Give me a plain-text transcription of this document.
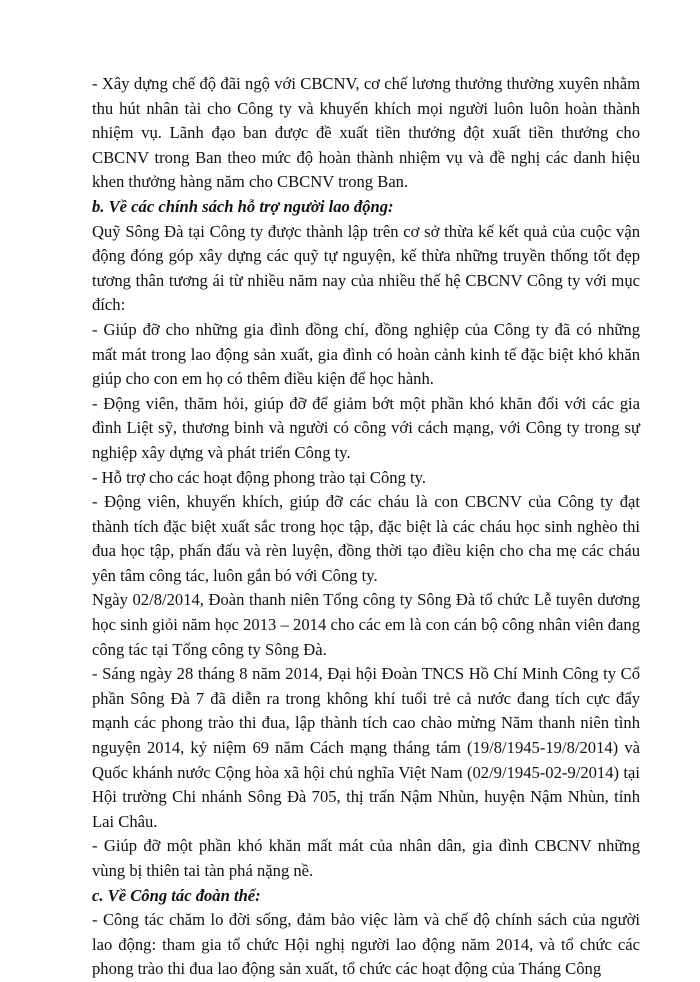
- Xây dựng chế độ đãi ngộ với CBCNV, cơ chế lương thưởng thường xuyên nhằm thu hút nhân tài cho Công ty và khuyến khích mọi người luôn luôn hoàn thành nhiệm vụ. Lãnh đạo ban được đề xuất tiền thưởng đột xuất tiền thưởng cho CBCNV trong Ban theo mức độ hoàn thành nhiệm vụ và đề nghị các danh hiệu khen thưởng hàng năm cho CBCNV trong Ban.

b. Về các chính sách hỗ trợ người lao động:

Quỹ Sông Đà tại Công ty được thành lập trên cơ sở thừa kế kết quả của cuộc vận động đóng góp xây dựng các quỹ tự nguyện, kế thừa những truyền thống tốt đẹp tương thân tương ái từ nhiều năm nay của nhiều thế hệ CBCNV Công ty với mục đích:

- Giúp đỡ cho những gia đình đồng chí, đồng nghiệp của Công ty đã có những mất mát trong lao động sản xuất, gia đình có hoàn cảnh kinh tế đặc biệt khó khăn giúp cho con em họ có thêm điều kiện để học hành.

- Động viên, thăm hỏi, giúp đỡ để giảm bớt một phần khó khăn đối với các gia đình Liệt sỹ, thương binh và người có công với cách mạng, với Công ty trong sự nghiệp xây dựng và phát triển Công ty.

- Hỗ trợ cho các hoạt động phong trào tại Công ty.

- Động viên, khuyến khích, giúp đỡ các cháu là con CBCNV của Công ty đạt thành tích đặc biệt xuất sắc trong học tập, đặc biệt là các cháu học sinh nghèo thi đua học tập, phấn đấu và rèn luyện, đồng thời tạo điều kiện cho cha mẹ các cháu yên tâm công tác, luôn gắn bó với Công ty.

Ngày 02/8/2014, Đoàn thanh niên Tổng công ty Sông Đà tổ chức Lễ tuyên dương học sinh giỏi năm học 2013 – 2014 cho các em là con cán bộ công nhân viên đang công tác tại Tổng công ty Sông Đà.

- Sáng ngày 28 tháng 8 năm 2014, Đại hội Đoàn TNCS Hồ Chí Minh Công ty Cổ phần Sông Đà 7 đã diễn ra trong không khí tuổi trẻ cả nước đang tích cực đẩy mạnh các phong trào thi đua, lập thành tích cao chào mừng Năm thanh niên tình nguyện 2014, kỷ niệm 69 năm Cách mạng tháng tám (19/8/1945-19/8/2014) và Quốc khánh nước Cộng hòa xã hội chủ nghĩa Việt Nam (02/9/1945-02-9/2014) tại Hội trường Chi nhánh Sông Đà 705, thị trấn Nậm Nhùn, huyện Nậm Nhùn, tỉnh Lai Châu.

- Giúp đỡ một phần khó khăn mất mát của nhân dân, gia đình CBCNV những vùng bị thiên tai tàn phá nặng nề.

c. Về Công tác đoàn thể:

- Công tác chăm lo đời sống, đảm bảo việc làm và chế độ chính sách của người lao động: tham gia tổ chức Hội nghị người lao động năm 2014, và tổ chức các phong trào thi đua lao động sản xuất, tổ chức các hoạt động của Tháng Công
